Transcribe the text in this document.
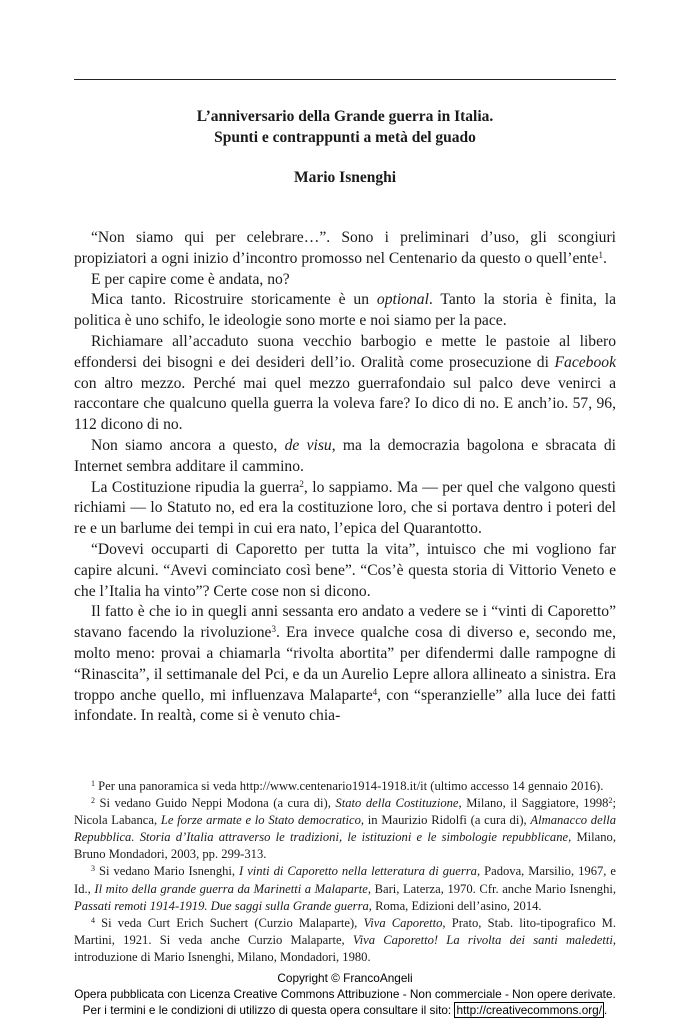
L’anniversario della Grande guerra in Italia.
Spunti e contrappunti a metà del guado
Mario Isnenghi

“Non siamo qui per celebrare…”. Sono i preliminari d’uso, gli scongiuri propiziatori a ogni inizio d’incontro promosso nel Centenario da questo o quell’ente$^1$.

E per capire come è andata, no?

Mica tanto. Ricostruire storicamente è un optional. Tanto la storia è finita, la politica è uno schifo, le ideologie sono morte e noi siamo per la pace.

Richiamare all’accaduto suona vecchio barbogio e mette le pastoie al libero effondersi dei bisogni e dei desideri dell’io. Oralità come prosecuzione di Facebook con altro mezzo. Perché mai quel mezzo guerrafondaio sul palco deve venirci a raccontare che qualcuno quella guerra la voleva fare? Io dico di no. E anch’io. 57, 96, 112 dicono di no.

Non siamo ancora a questo, de visu, ma la democrazia bagolona e sbracata di Internet sembra additare il cammino.

La Costituzione ripudia la guerra$^2$, lo sappiamo. Ma — per quel che valgono questi richiami — lo Statuto no, ed era la costituzione loro, che si portava dentro i poteri del re e un barlume dei tempi in cui era nato, l’epica del Quarantotto.

“Dovevi occuparti di Caporetto per tutta la vita”, intuisco che mi vogliono far capire alcuni. “Avevi cominciato così bene”. “Cos’è questa storia di Vittorio Veneto e che l’Italia ha vinto”? Certe cose non si dicono.

Il fatto è che io in quegli anni sessanta ero andato a vedere se i “vinti di Caporetto” stavano facendo la rivoluzione$^3$. Era invece qualche cosa di diverso e, secondo me, molto meno: provai a chiamarla “rivolta abortita” per difendermi dalle rampogne di “Rinascita”, il settimanale del Pci, e da un Aurelio Lepre allora allineato a sinistra. Era troppo anche quello, mi influenzava Malaparte$^4$, con “speranzielle” alla luce dei fatti infondate. In realtà, come si è venuto chia-

$^1$ Per una panoramica si veda http://www.centenario1914-1918.it/it (ultimo accesso 14 gennaio 2016).

$^2$ Si vedano Guido Neppi Modona (a cura di), Stato della Costituzione, Milano, il Saggiatore, 1998$^2$; Nicola Labanca, Le forze armate e lo Stato democratico, in Maurizio Ridolfi (a cura di), Almanacco della Repubblica. Storia d’Italia attraverso le tradizioni, le istituzioni e le simbologie repubblicane, Milano, Bruno Mondadori, 2003, pp. 299-313.

$^3$ Si vedano Mario Isnenghi, I vinti di Caporetto nella letteratura di guerra, Padova, Marsilio, 1967, e Id., Il mito della grande guerra da Marinetti a Malaparte, Bari, Laterza, 1970. Cfr. anche Mario Isnenghi, Passati remoti 1914-1919. Due saggi sulla Grande guerra, Roma, Edizioni dell’asino, 2014.

$^4$ Si veda Curt Erich Suchert (Curzio Malaparte), Viva Caporetto, Prato, Stab. lito-tipografico M. Martini, 1921. Si veda anche Curzio Malaparte, Viva Caporetto! La rivolta dei santi maledetti, introduzione di Mario Isnenghi, Milano, Mondadori, 1980.

Copyright © FrancoAngeli
Opera pubblicata con Licenza Creative Commons Attribuzione - Non commerciale - Non opere derivate.
Per i termini e le condizioni di utilizzo di questa opera consultare il sito: http://creativecommons.org/ .
